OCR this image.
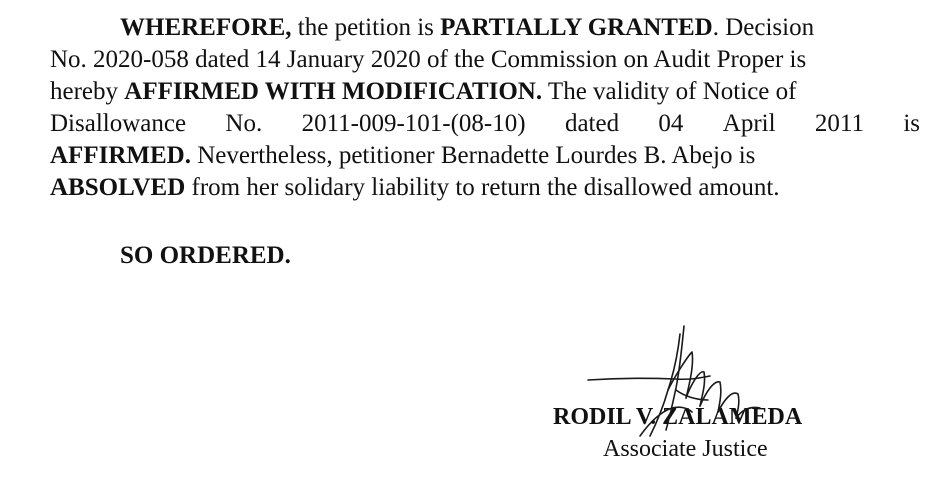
WHEREFORE, the petition is PARTIALLY GRANTED. Decision
No. 2020-058 dated 14 January 2020 of the Commission on Audit Proper is
hereby AFFIRMED WITH MODIFICATION. The validity of Notice of
Disallowance No. 2011-009-101-(08-10) dated 04 April 2011 is
AFFIRMED. Nevertheless, petitioner Bernadette Lourdes B. Abejo is
ABSOLVED from her solidary liability to return the disallowed amount.
SO ORDERED.
RODIL V. ZALAMEDA
Associate Justice
